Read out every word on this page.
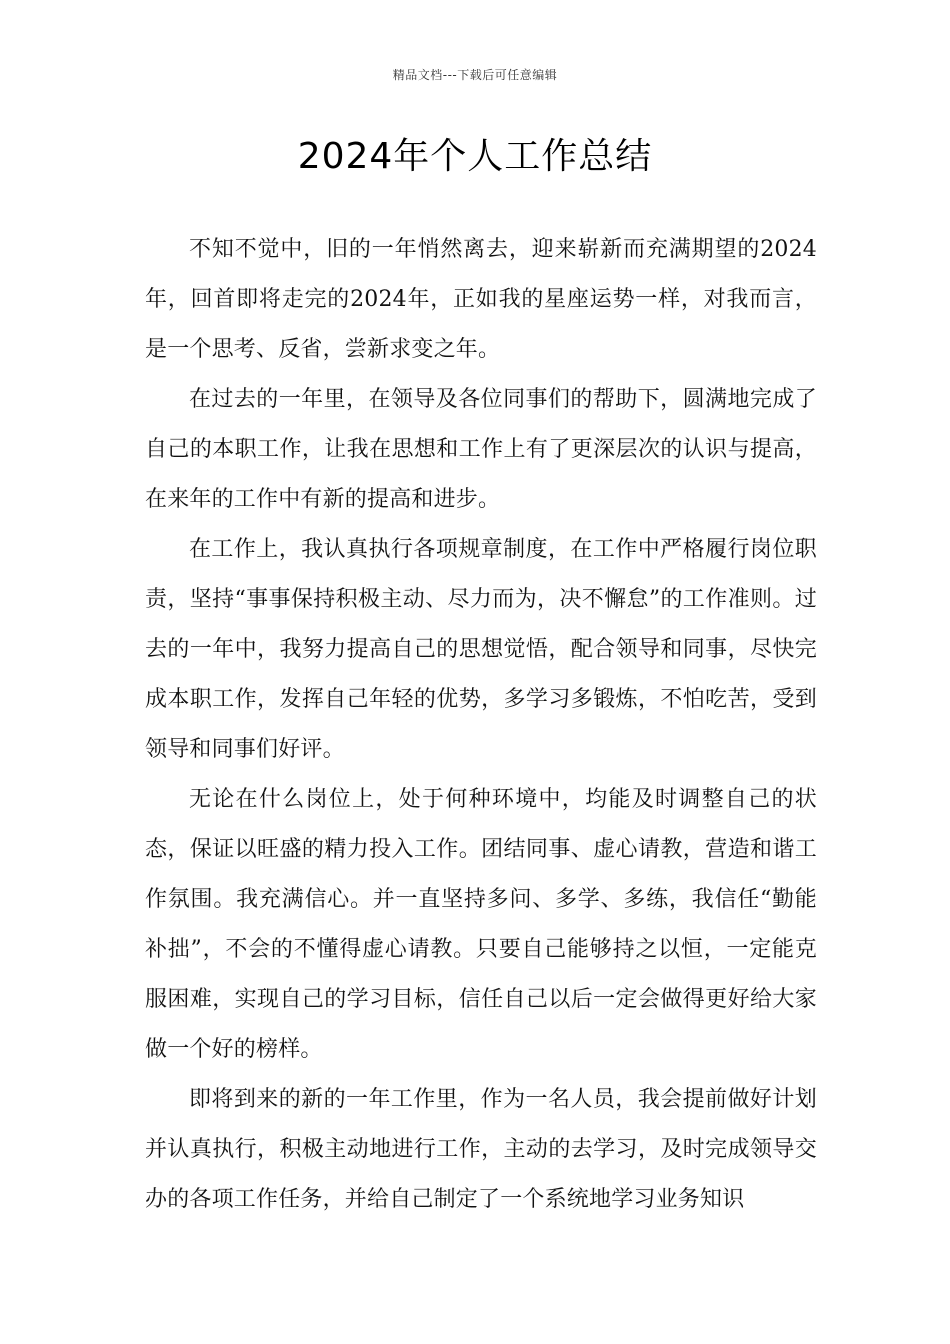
精品文档---下载后可任意编辑
2024年个人工作总结

不知不觉中，旧的一年悄然离去，迎来崭新而充满期望的2024年，回首即将走完的2024年，正如我的星座运势一样，对我而言，是一个思考、反省，尝新求变之年。

在过去的一年里，在领导及各位同事们的帮助下，圆满地完成了自己的本职工作，让我在思想和工作上有了更深层次的认识与提高，在来年的工作中有新的提高和进步。

在工作上，我认真执行各项规章制度，在工作中严格履行岗位职责，坚持“事事保持积极主动、尽力而为，决不懈怠”的工作准则。过去的一年中，我努力提高自己的思想觉悟，配合领导和同事，尽快完成本职工作，发挥自己年轻的优势，多学习多锻炼，不怕吃苦，受到领导和同事们好评。

无论在什么岗位上，处于何种环境中，均能及时调整自己的状态，保证以旺盛的精力投入工作。团结同事、虚心请教，营造和谐工作氛围。我充满信心。并一直坚持多问、多学、多练，我信任“勤能补拙”，不会的不懂得虚心请教。只要自己能够持之以恒，一定能克服困难，实现自己的学习目标，信任自己以后一定会做得更好给大家做一个好的榜样。

即将到来的新的一年工作里，作为一名人员，我会提前做好计划并认真执行，积极主动地进行工作，主动的去学习，及时完成领导交办的各项工作任务，并给自己制定了一个系统地学习业务知识
